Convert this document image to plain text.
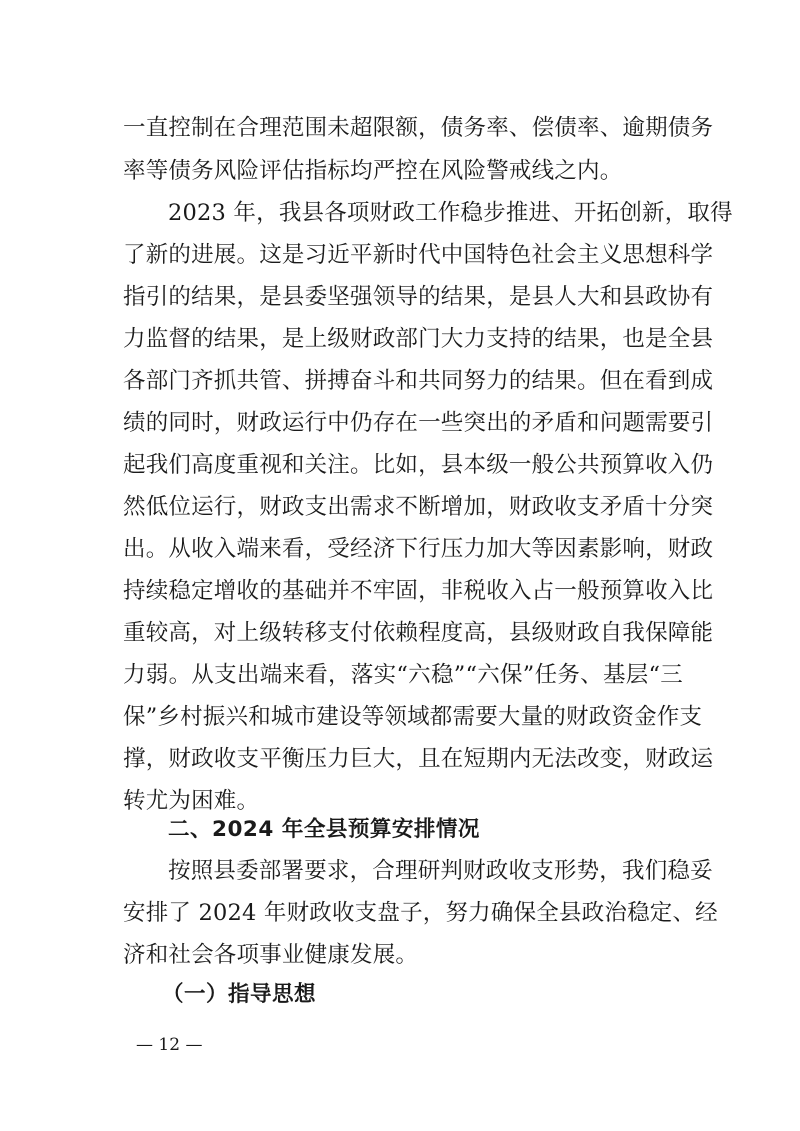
一直控制在合理范围未超限额，债务率、偿债率、逾期债务

率等债务风险评估指标均严控在风险警戒线之内。

2023 年，我县各项财政工作稳步推进、开拓创新，取得

了新的进展。这是习近平新时代中国特色社会主义思想科学

指引的结果，是县委坚强领导的结果，是县人大和县政协有

力监督的结果，是上级财政部门大力支持的结果，也是全县

各部门齐抓共管、拼搏奋斗和共同努力的结果。但在看到成

绩的同时，财政运行中仍存在一些突出的矛盾和问题需要引

起我们高度重视和关注。比如，县本级一般公共预算收入仍

然低位运行，财政支出需求不断增加，财政收支矛盾十分突

出。从收入端来看，受经济下行压力加大等因素影响，财政

持续稳定增收的基础并不牢固，非税收入占一般预算收入比

重较高，对上级转移支付依赖程度高，县级财政自我保障能

力弱。从支出端来看，落实“六稳”“六保”任务、基层“三

保”乡村振兴和城市建设等领域都需要大量的财政资金作支

撑，财政收支平衡压力巨大，且在短期内无法改变，财政运

转尤为困难。

二、2024 年全县预算安排情况

按照县委部署要求，合理研判财政收支形势，我们稳妥

安排了 2024 年财政收支盘子，努力确保全县政治稳定、经

济和社会各项事业健康发展。

（一）指导思想
— 12 —
